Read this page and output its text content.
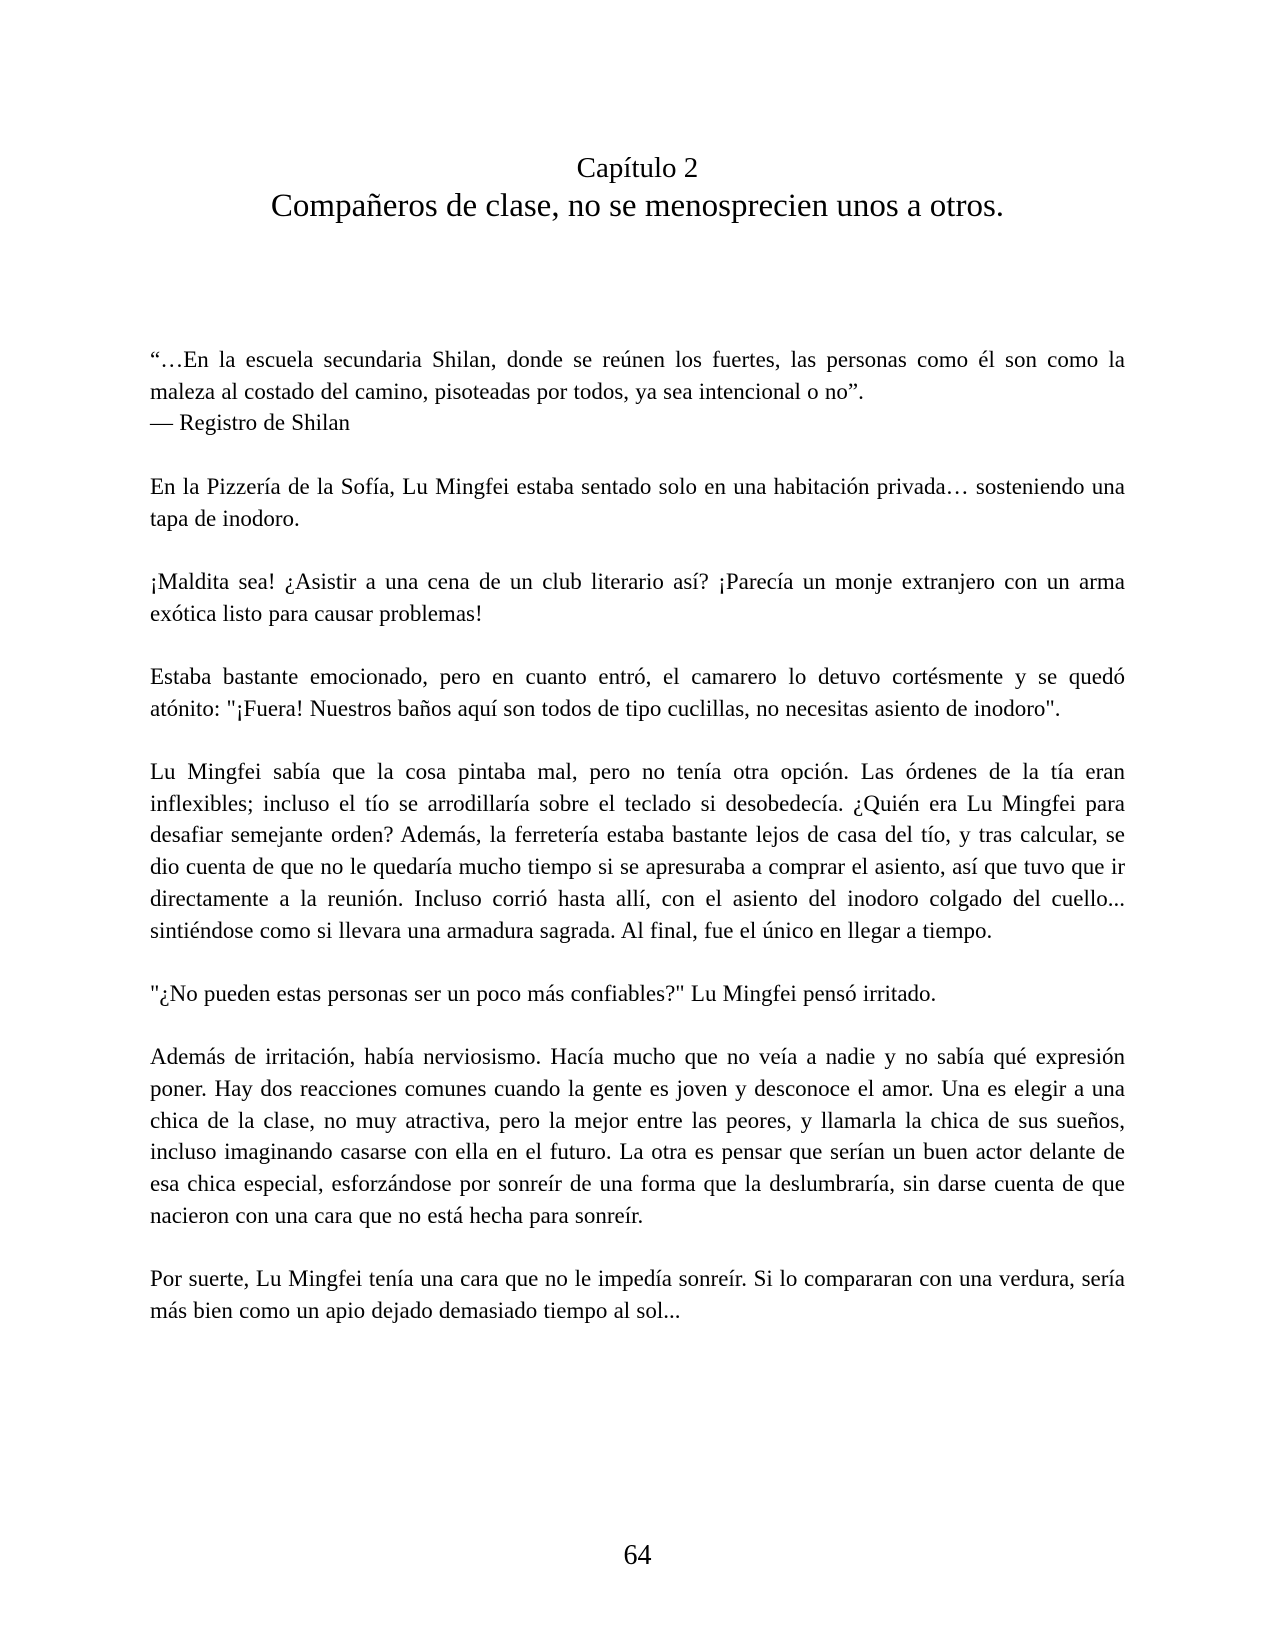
Capítulo 2
Compañeros de clase, no se menosprecien unos a otros.

“…En la escuela secundaria Shilan, donde se reúnen los fuertes, las personas como él son como la maleza al costado del camino, pisoteadas por todos, ya sea intencional o no”.

— Registro de Shilan

En la Pizzería de la Sofía, Lu Mingfei estaba sentado solo en una habitación privada… sosteniendo una tapa de inodoro.

¡Maldita sea! ¿Asistir a una cena de un club literario así? ¡Parecía un monje extranjero con un arma exótica listo para causar problemas!

Estaba bastante emocionado, pero en cuanto entró, el camarero lo detuvo cortésmente y se quedó atónito: "¡Fuera! Nuestros baños aquí son todos de tipo cuclillas, no necesitas asiento de inodoro".

Lu Mingfei sabía que la cosa pintaba mal, pero no tenía otra opción. Las órdenes de la tía eran inflexibles; incluso el tío se arrodillaría sobre el teclado si desobedecía. ¿Quién era Lu Mingfei para desafiar semejante orden? Además, la ferretería estaba bastante lejos de casa del tío, y tras calcular, se dio cuenta de que no le quedaría mucho tiempo si se apresuraba a comprar el asiento, así que tuvo que ir directamente a la reunión. Incluso corrió hasta allí, con el asiento del inodoro colgado del cuello... sintiéndose como si llevara una armadura sagrada. Al final, fue el único en llegar a tiempo.

"¿No pueden estas personas ser un poco más confiables?" Lu Mingfei pensó irritado.

Además de irritación, había nerviosismo. Hacía mucho que no veía a nadie y no sabía qué expresión poner. Hay dos reacciones comunes cuando la gente es joven y desconoce el amor. Una es elegir a una chica de la clase, no muy atractiva, pero la mejor entre las peores, y llamarla la chica de sus sueños, incluso imaginando casarse con ella en el futuro. La otra es pensar que serían un buen actor delante de esa chica especial, esforzándose por sonreír de una forma que la deslumbraría, sin darse cuenta de que nacieron con una cara que no está hecha para sonreír.

Por suerte, Lu Mingfei tenía una cara que no le impedía sonreír. Si lo compararan con una verdura, sería más bien como un apio dejado demasiado tiempo al sol...

64
